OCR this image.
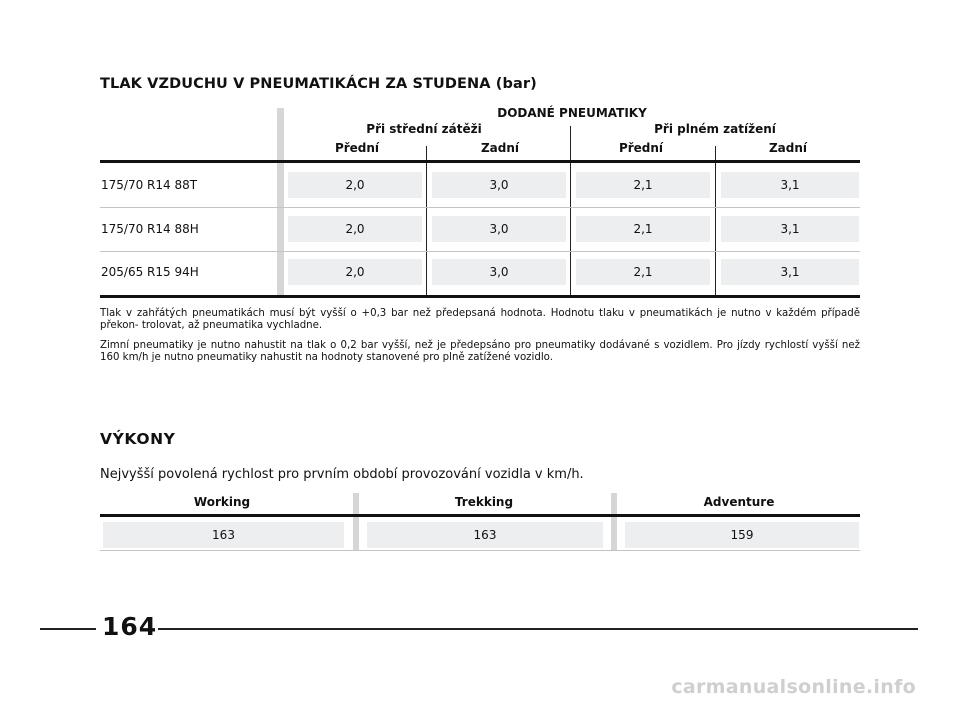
TLAK VZDUCHU V PNEUMATIKÁCH ZA STUDENA (bar)
DODANÉ PNEUMATIKY
Při střední zátěži	Při plném zatížení
Přední	Zadní	Přední	Zadní
175/70 R14 88T	2,0	3,0	2,1	3,1
175/70 R14 88H	2,0	3,0	2,1	3,1
205/65 R15 94H	2,0	3,0	2,1	3,1
Tlak v zahřátých pneumatikách musí být vyšší o +0,3 bar než předepsaná hodnota. Hodnotu tlaku v pneumatikách je nutno v každém případě překon- trolovat, až pneumatika vychladne.
Zimní pneumatiky je nutno nahustit na tlak o 0,2 bar vyšší, než je předepsáno pro pneumatiky dodávané s vozidlem. Pro jízdy rychlostí vyšší než 160 km/h je nutno pneumatiky nahustit na hodnoty stanovené pro plně zatížené vozidlo.
VÝKONY
Nejvyšší povolená rychlost pro prvním období provozování vozidla v km/h.
Working	Trekking	Adventure
163	163	159
164
carmanualsonline.info
